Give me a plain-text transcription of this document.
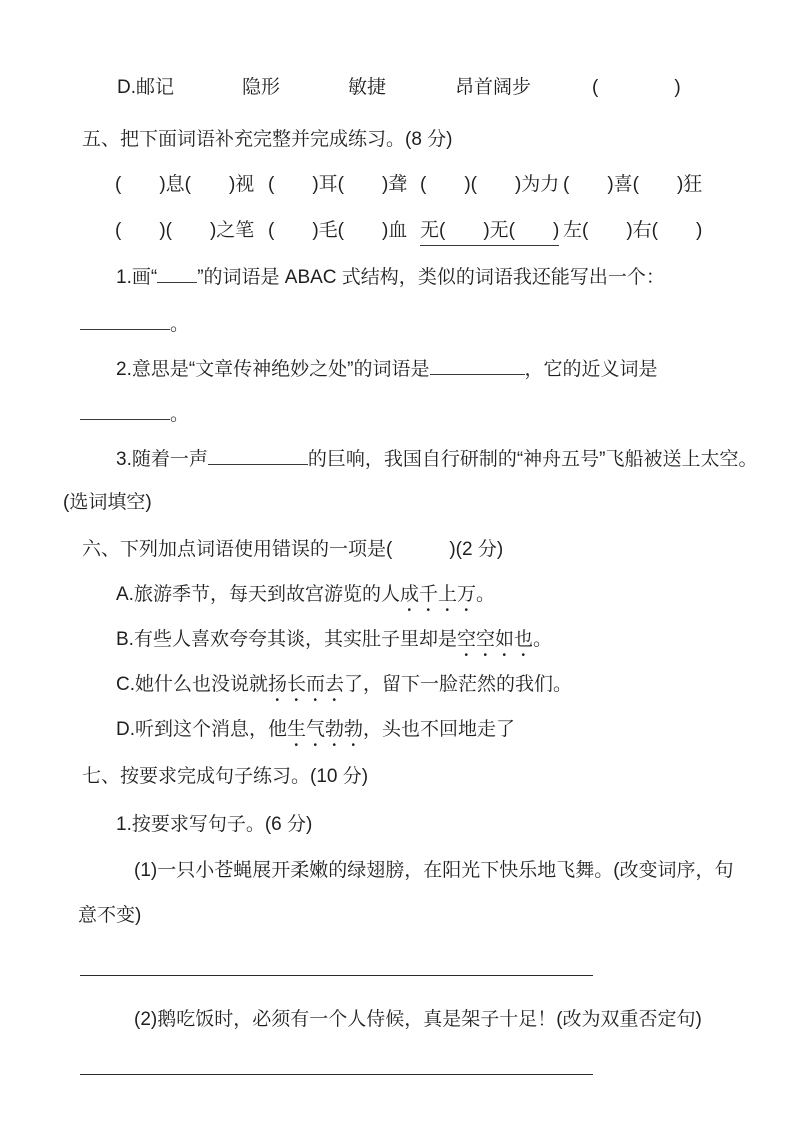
D.邮记	隐形	敏捷	昂首阔步	(　　　　)
五、把下面词语补充完整并完成练习。(8 分)
(　　)息(　　)视 (　　)耳(　　)聋 (　　)(　　)为力 (　　)喜(　　)狂
(　　)(　　)之笔 (　　)毛(　　)血 无(　　)无(　　) 左(　　)右(　　)
1.画“ ”的词语是 ABAC 式结构，类似的词语我还能写出一个：
。
2.意思是“文章传神绝妙之处”的词语是	，它的近义词是
。
3.随着一声	的巨响，我国自行研制的“神舟五号”飞船被送上太空。
(选词填空)
六、下列加点词语使用错误的一项是(　　　)(2 分)
A.旅游季节，每天到故宫游览的人成千上万。
B.有些人喜欢夸夸其谈，其实肚子里却是空空如也。
C.她什么也没说就扬长而去了，留下一脸茫然的我们。
D.听到这个消息，他生气勃勃，头也不回地走了
七、按要求完成句子练习。(10 分)
1.按要求写句子。(6 分)
(1)一只小苍蝇展开柔嫩的绿翅膀，在阳光下快乐地飞舞。(改变词序，句
意不变)
(2)鹅吃饭时，必须有一个人侍候，真是架子十足！(改为双重否定句)
